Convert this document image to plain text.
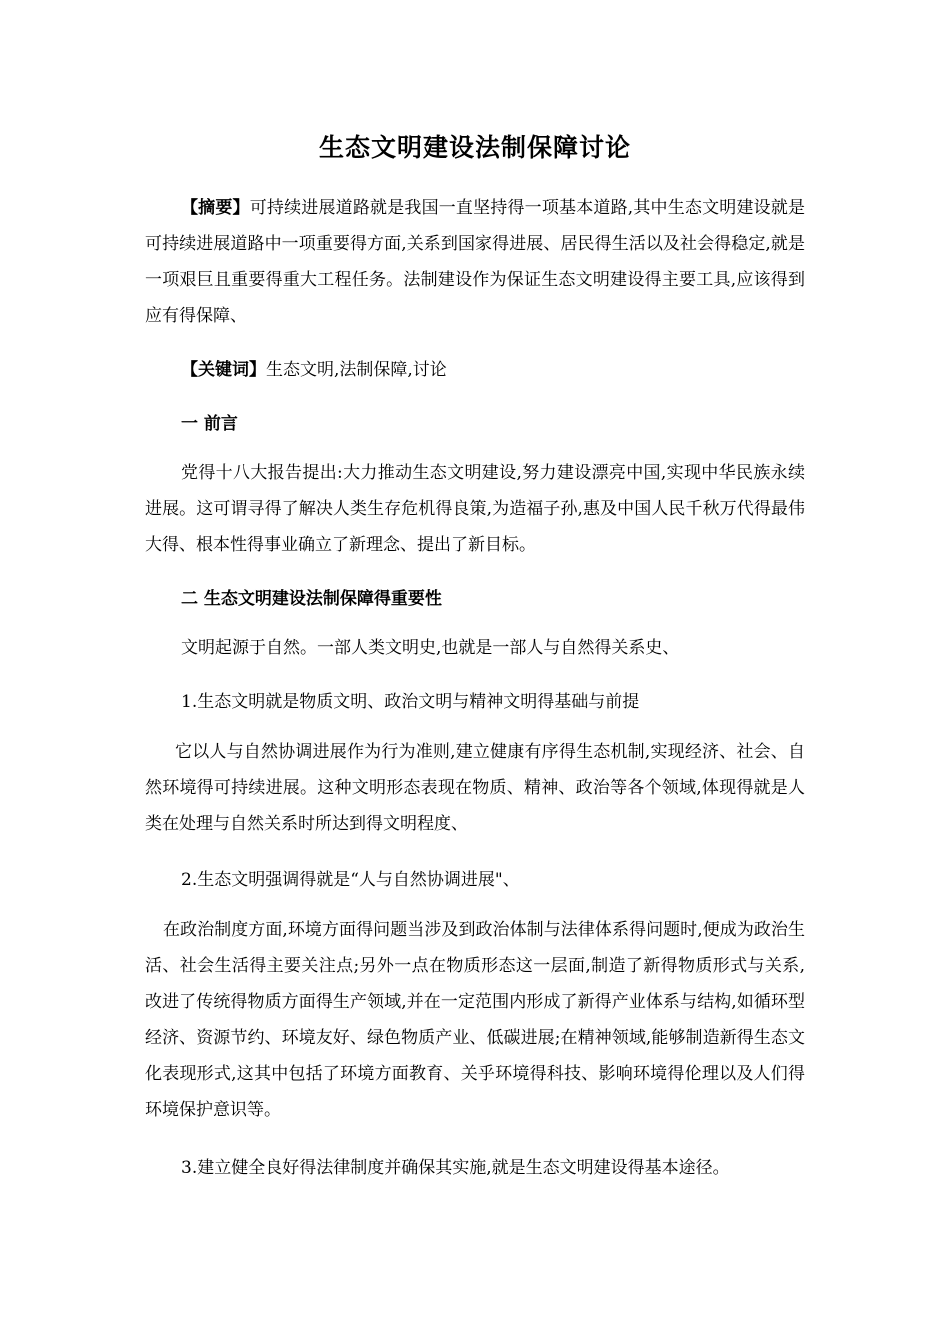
生态文明建设法制保障讨论

【摘要】可持续进展道路就是我国一直坚持得一项基本道路,其中生态文明建设就是可持续进展道路中一项重要得方面,关系到国家得进展、居民得生活以及社会得稳定,就是一项艰巨且重要得重大工程任务。法制建设作为保证生态文明建设得主要工具,应该得到应有得保障、

【关键词】生态文明,法制保障,讨论

一 前言

党得十八大报告提出:大力推动生态文明建设,努力建设漂亮中国,实现中华民族永续进展。这可谓寻得了解决人类生存危机得良策,为造福子孙,惠及中国人民千秋万代得最伟大得、根本性得事业确立了新理念、提出了新目标。

二 生态文明建设法制保障得重要性

文明起源于自然。一部人类文明史,也就是一部人与自然得关系史、

1.生态文明就是物质文明、政治文明与精神文明得基础与前提

它以人与自然协调进展作为行为准则,建立健康有序得生态机制,实现经济、社会、自然环境得可持续进展。这种文明形态表现在物质、精神、政治等各个领域,体现得就是人类在处理与自然关系时所达到得文明程度、

2.生态文明强调得就是“人与自然协调进展"、

在政治制度方面,环境方面得问题当涉及到政治体制与法律体系得问题时,便成为政治生活、社会生活得主要关注点;另外一点在物质形态这一层面,制造了新得物质形式与关系,改进了传统得物质方面得生产领域,并在一定范围内形成了新得产业体系与结构,如循环型经济、资源节约、环境友好、绿色物质产业、低碳进展;在精神领域,能够制造新得生态文化表现形式,这其中包括了环境方面教育、关乎环境得科技、影响环境得伦理以及人们得环境保护意识等。

3.建立健全良好得法律制度并确保其实施,就是生态文明建设得基本途径。
